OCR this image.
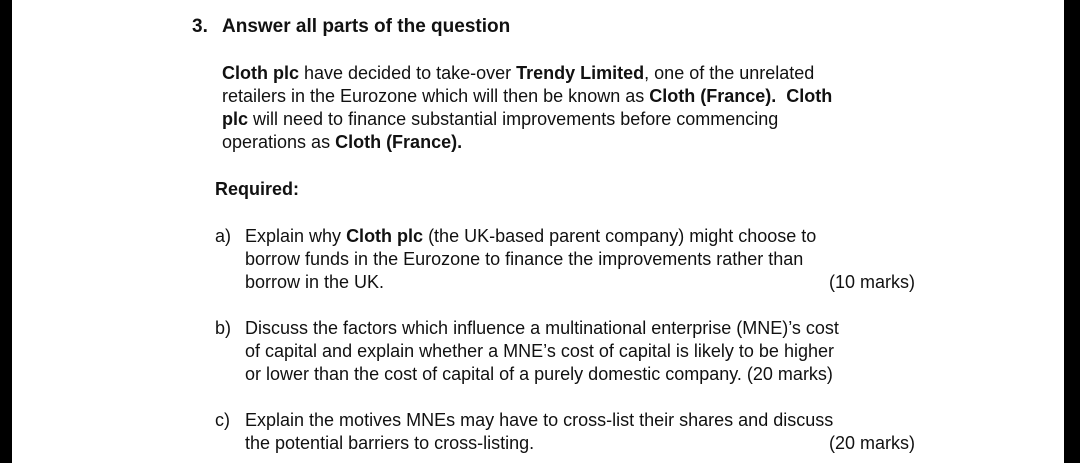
3. Answer all parts of the question
Cloth plc have decided to take-over Trendy Limited, one of the unrelated
retailers in the Eurozone which will then be known as Cloth (France). Cloth
plc will need to finance substantial improvements before commencing
operations as Cloth (France).
Required:
a) Explain why Cloth plc (the UK-based parent company) might choose to
borrow funds in the Eurozone to finance the improvements rather than
borrow in the UK.	(10 marks)
b) Discuss the factors which influence a multinational enterprise (MNE)’s cost
of capital and explain whether a MNE’s cost of capital is likely to be higher
or lower than the cost of capital of a purely domestic company. (20 marks)
c) Explain the motives MNEs may have to cross-list their shares and discuss
the potential barriers to cross-listing.	(20 marks)
